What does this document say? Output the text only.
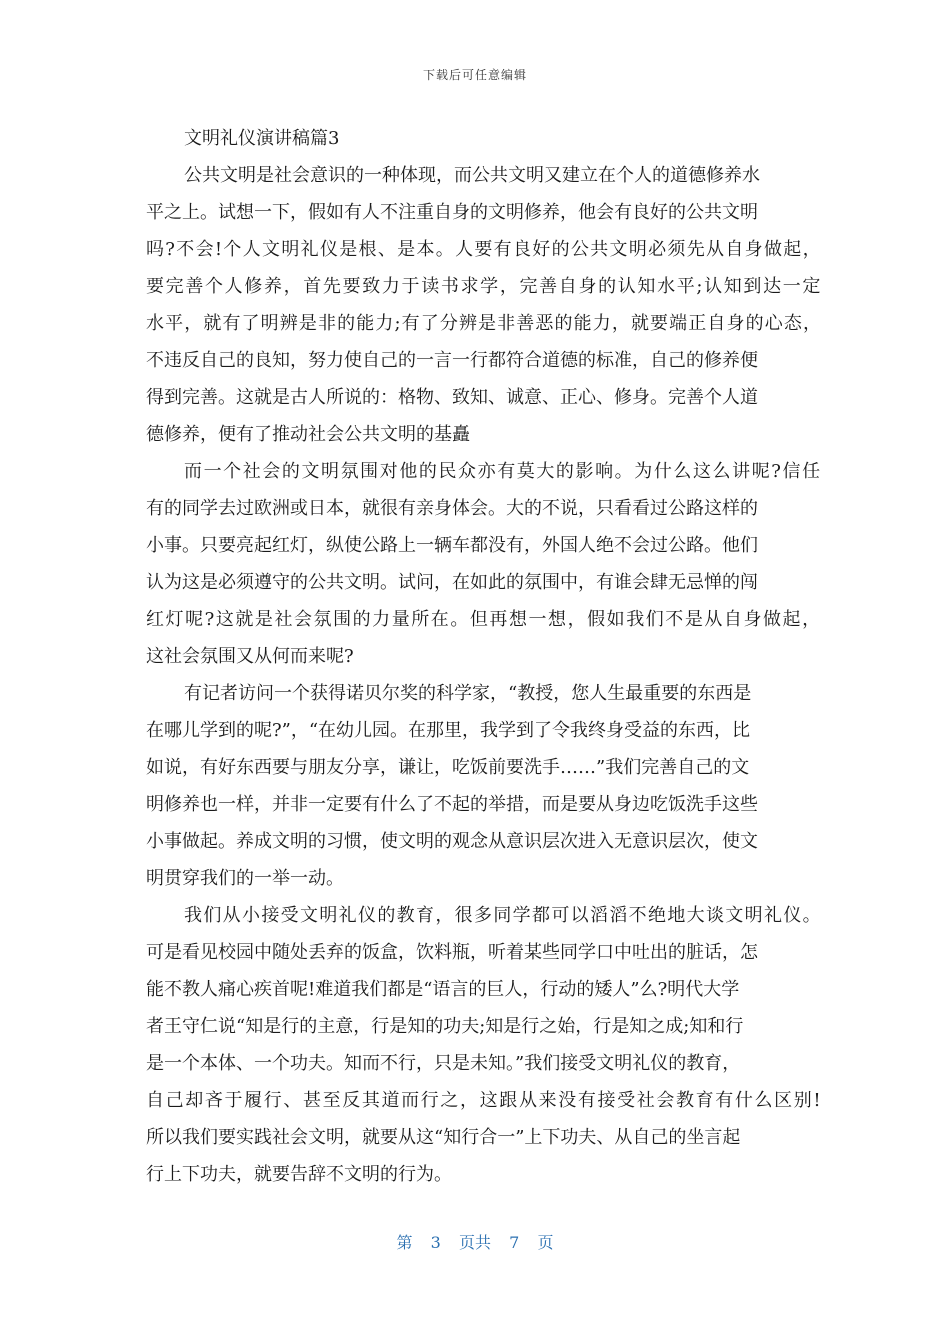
下载后可任意编辑
文明礼仪演讲稿篇3

公共文明是社会意识的一种体现，而公共文明又建立在个人的道德修养水
平之上。试想一下，假如有人不注重自身的文明修养，他会有良好的公共文明
吗?不会!个人文明礼仪是根、是本。人要有良好的公共文明必须先从自身做起，
要完善个人修养，首先要致力于读书求学，完善自身的认知水平;认知到达一定
水平，就有了明辨是非的能力;有了分辨是非善恶的能力，就要端正自身的心态，
不违反自己的良知，努力使自己的一言一行都符合道德的标准，自己的修养便
得到完善。这就是古人所说的：格物、致知、诚意、正心、修身。完善个人道
德修养，便有了推动社会公共文明的基矗

而一个社会的文明氛围对他的民众亦有莫大的影响。为什么这么讲呢?信任
有的同学去过欧洲或日本，就很有亲身体会。大的不说，只看看过公路这样的
小事。只要亮起红灯，纵使公路上一辆车都没有，外国人绝不会过公路。他们
认为这是必须遵守的公共文明。试问，在如此的氛围中，有谁会肆无忌惮的闯
红灯呢?这就是社会氛围的力量所在。但再想一想，假如我们不是从自身做起，
这社会氛围又从何而来呢?

有记者访问一个获得诺贝尔奖的科学家，“教授，您人生最重要的东西是
在哪儿学到的呢?”，“在幼儿园。在那里，我学到了令我终身受益的东西，比
如说，有好东西要与朋友分享，谦让，吃饭前要洗手……”我们完善自己的文
明修养也一样，并非一定要有什么了不起的举措，而是要从身边吃饭洗手这些
小事做起。养成文明的习惯，使文明的观念从意识层次进入无意识层次，使文
明贯穿我们的一举一动。

我们从小接受文明礼仪的教育，很多同学都可以滔滔不绝地大谈文明礼仪。
可是看见校园中随处丢弃的饭盒，饮料瓶，听着某些同学口中吐出的脏话，怎
能不教人痛心疾首呢!难道我们都是“语言的巨人，行动的矮人”么?明代大学
者王守仁说“知是行的主意，行是知的功夫;知是行之始，行是知之成;知和行
是一个本体、一个功夫。知而不行，只是未知。”我们接受文明礼仪的教育，
自己却吝于履行、甚至反其道而行之，这跟从来没有接受社会教育有什么区别!
所以我们要实践社会文明，就要从这“知行合一”上下功夫、从自己的坐言起
行上下功夫，就要告辞不文明的行为。

第  3  页共  7  页
